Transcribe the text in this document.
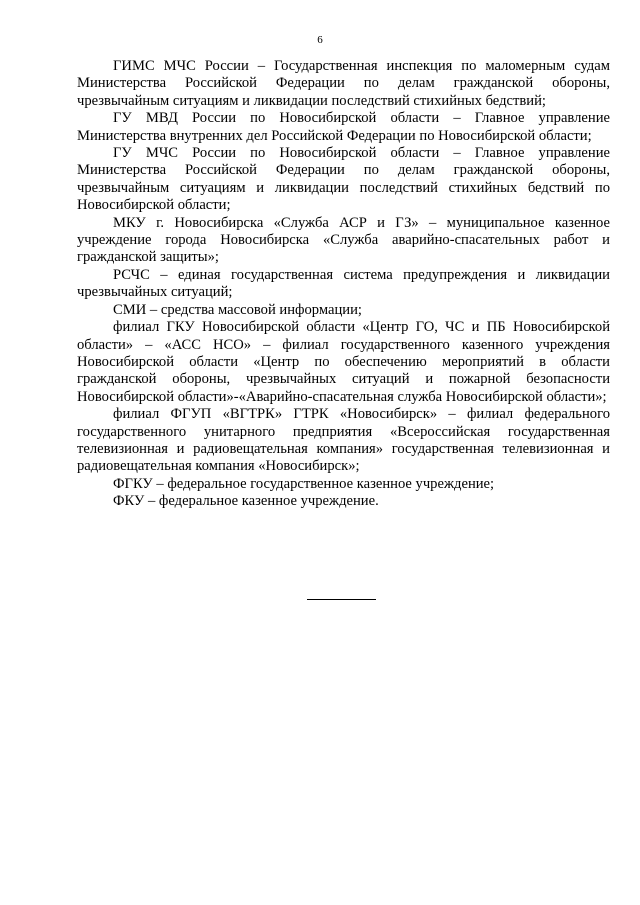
6

ГИМС МЧС России – Государственная инспекция по маломерным судам Министерства Российской Федерации по делам гражданской обороны, чрезвычайным ситуациям и ликвидации последствий стихийных бедствий;

ГУ МВД России по Новосибирской области – Главное управление Министерства внутренних дел Российской Федерации по Новосибирской области;

ГУ МЧС России по Новосибирской области – Главное управление Министерства Российской Федерации по делам гражданской обороны, чрезвычайным ситуациям и ликвидации последствий стихийных бедствий по Новосибирской области;

МКУ г. Новосибирска «Служба АСР и ГЗ» – муниципальное казенное учреждение города Новосибирска «Служба аварийно-спасательных работ и гражданской защиты»;

РСЧС – единая государственная система предупреждения и ликвидации чрезвычайных ситуаций;

СМИ – средства массовой информации;

филиал ГКУ Новосибирской области «Центр ГО, ЧС и ПБ Новосибирской области» – «АСС НСО» – филиал государственного казенного учреждения Новосибирской области «Центр по обеспечению мероприятий в области гражданской обороны, чрезвычайных ситуаций и пожарной безопасности Новосибирской области»-«Аварийно-спасательная служба Новосибирской области»;

филиал ФГУП «ВГТРК» ГТРК «Новосибирск» – филиал федерального государственного унитарного предприятия «Всероссийская государственная телевизионная и радиовещательная компания» государственная телевизионная и радиовещательная компания «Новосибирск»;

ФГКУ – федеральное государственное казенное учреждение;

ФКУ – федеральное казенное учреждение.
